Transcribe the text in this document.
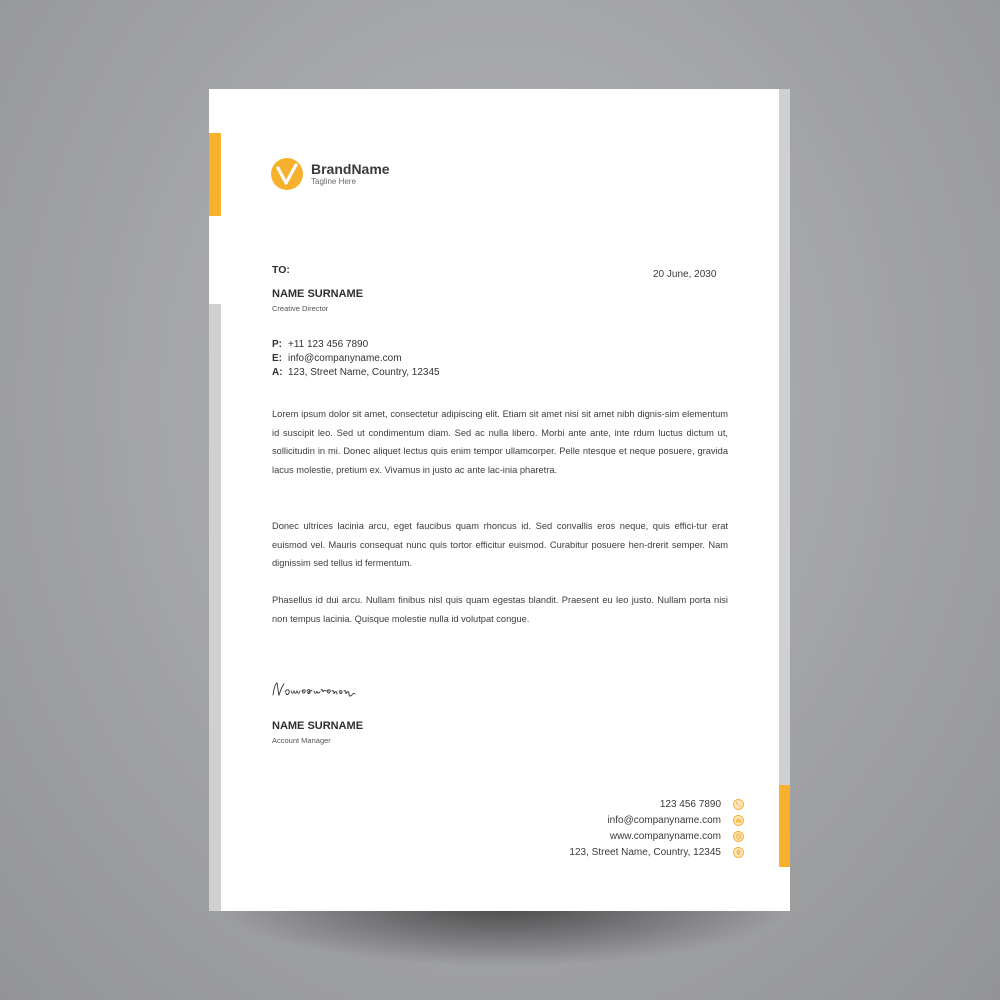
BrandName
Tagline Here
TO:	20 June, 2030
NAME SURNAME
Creative Director
P: +11 123 456 7890
E: info@companyname.com
A: 123, Street Name, Country, 12345

Lorem ipsum dolor sit amet, consectetur adipiscing elit. Etiam sit amet nisi sit amet nibh dignis-sim elementum id suscipit leo. Sed ut condimentum diam. Sed ac nulla libero. Morbi ante ante, inte rdum luctus dictum ut, sollicitudin in mi. Donec aliquet lectus quis enim tempor ullamcorper. Pelle ntesque et neque posuere, gravida lacus molestie, pretium ex. Vivamus in justo ac ante lac-inia pharetra.

Donec ultrices lacinia arcu, eget faucibus quam rhoncus id. Sed convallis eros neque, quis effici-tur erat euismod vel. Mauris consequat nunc quis tortor efficitur euismod. Curabitur posuere hen-drerit semper. Nam dignissim sed tellus id fermentum.

Phasellus id dui arcu. Nullam finibus nisl quis quam egestas blandit. Praesent eu leo justo. Nullam porta nisi non tempus lacinia. Quisque molestie nulla id volutpat congue.

NAME SURNAME
Account Manager
123 456 7890
info@companyname.com
www.companyname.com
123, Street Name, Country, 12345
